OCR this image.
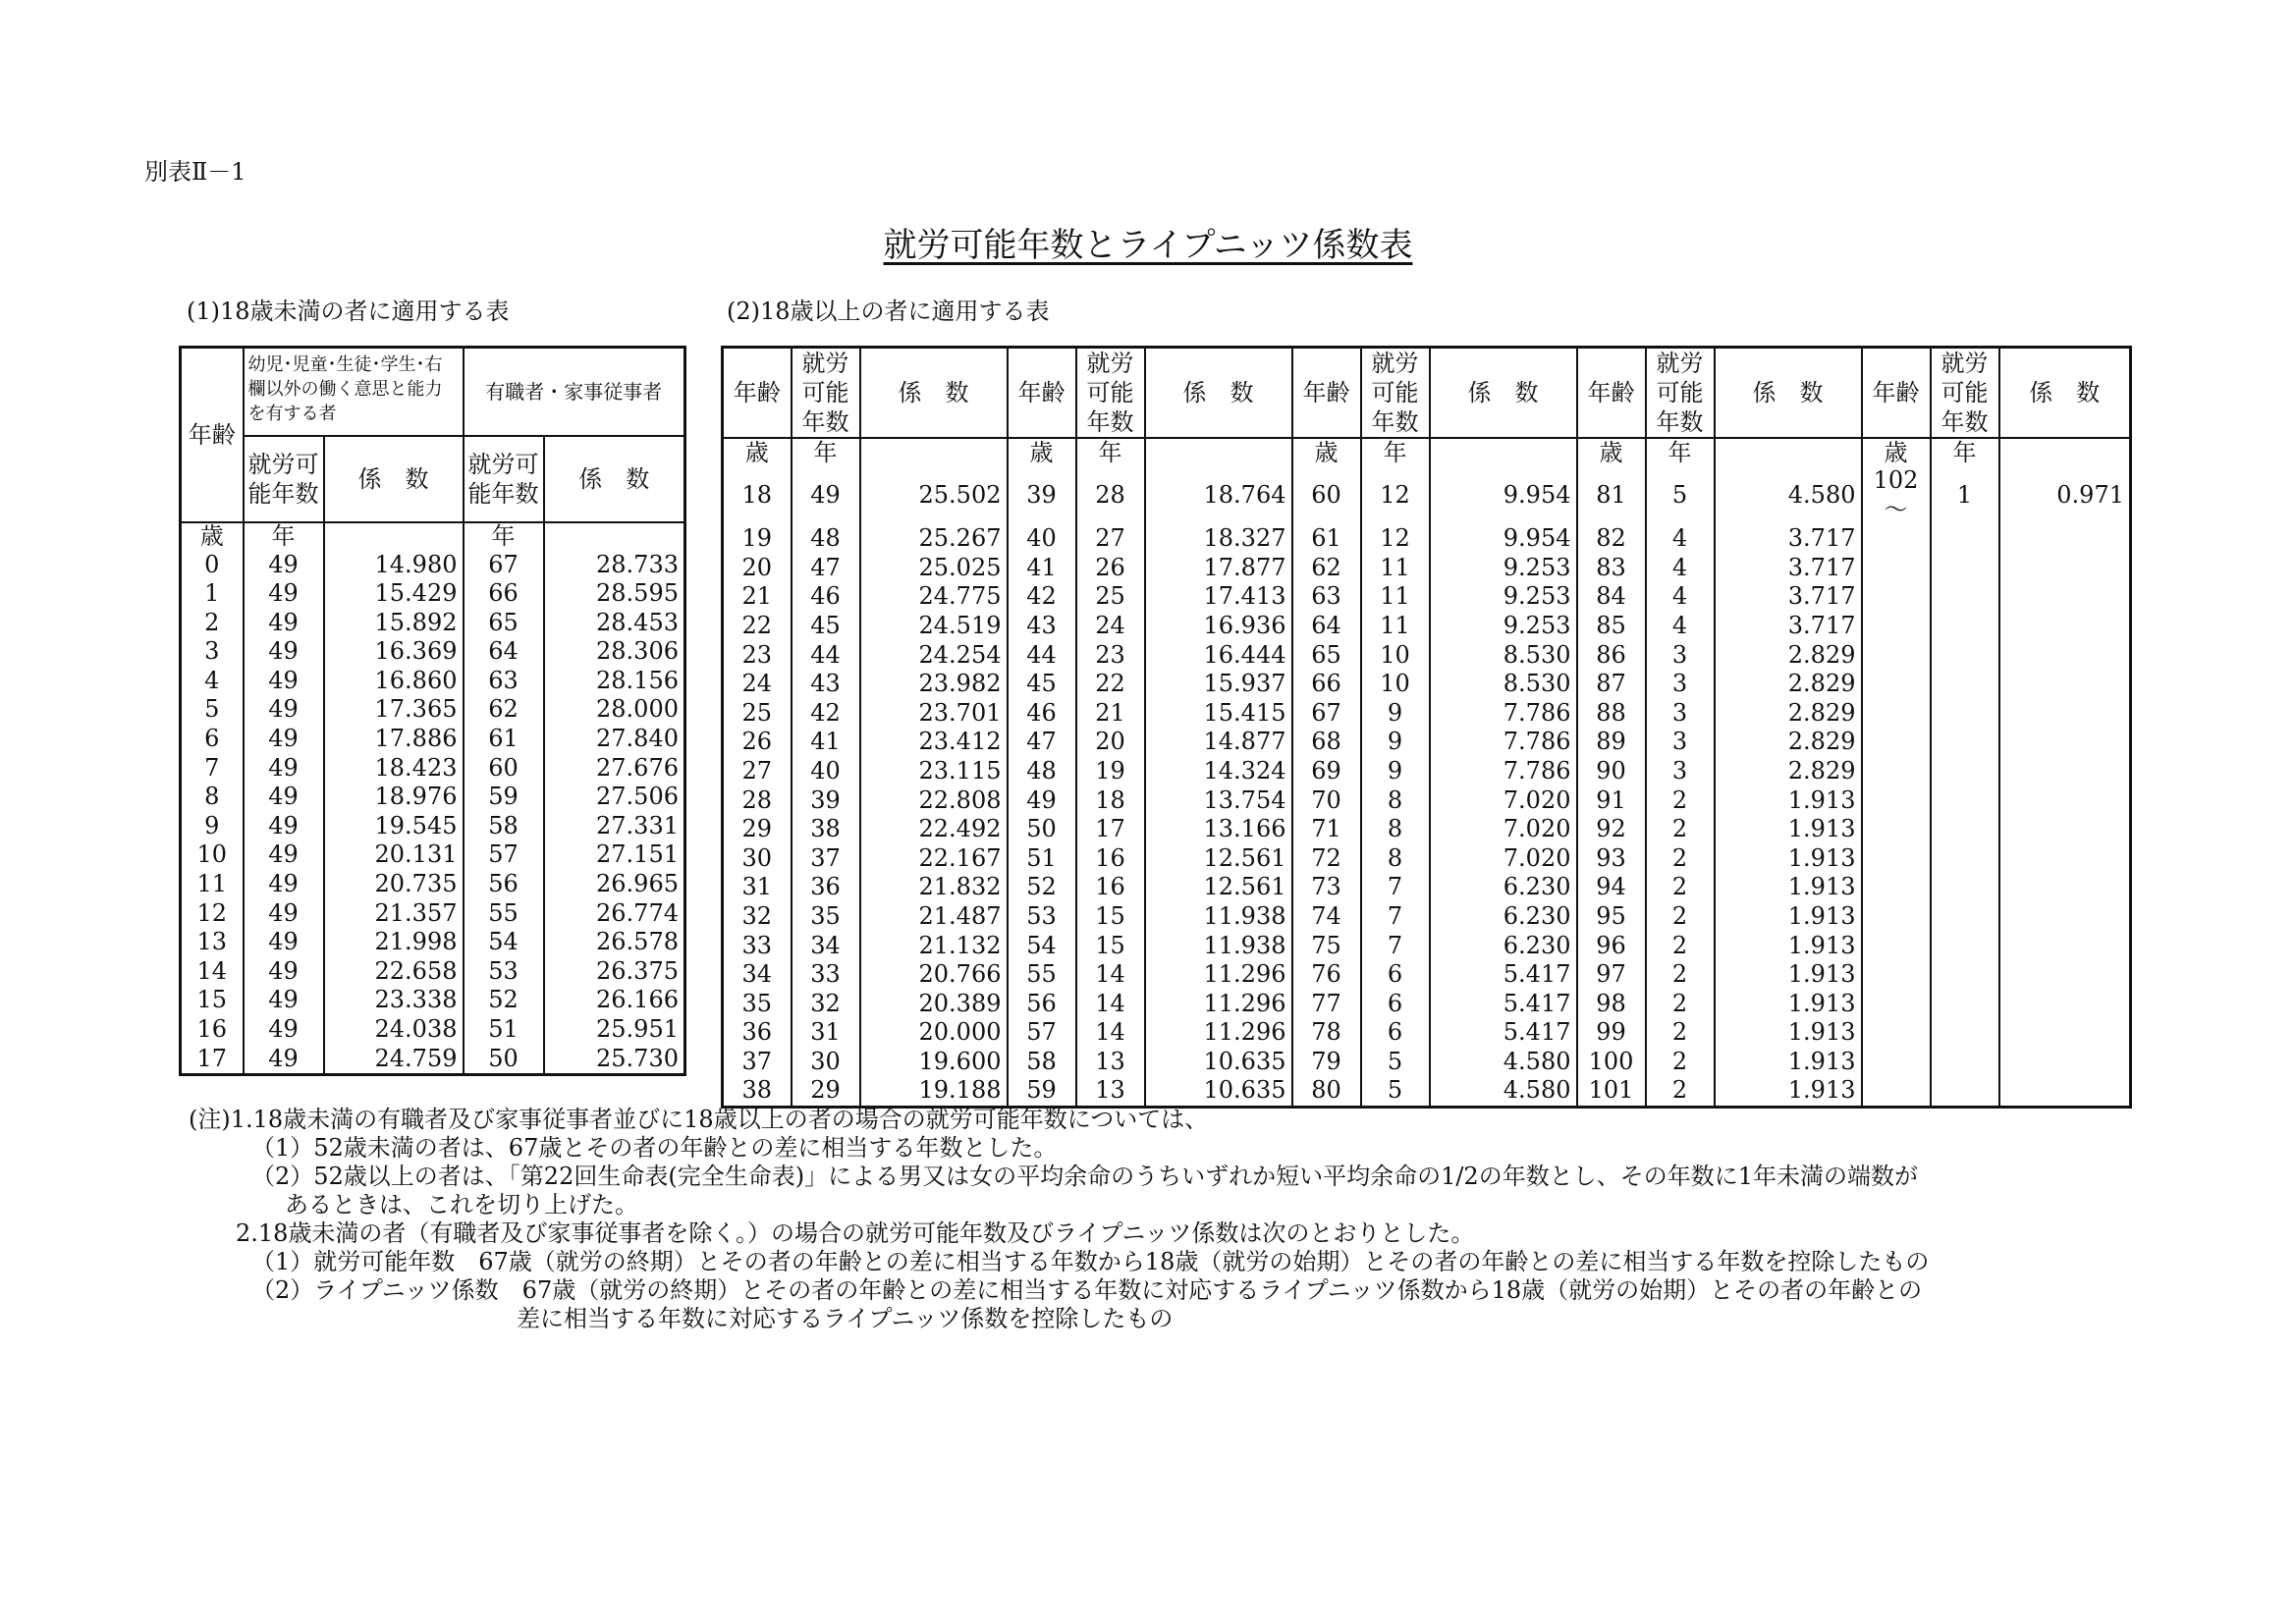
別表Ⅱ－1
就労可能年数とライプニッツ係数表
(1)18歳未満の者に適用する表	(2)18歳以上の者に適用する表
年齢	幼児･児童･生徒･学生･右欄以外の働く意思と能力を有する者		有職者・家事従事者	
	就労可能年数	係　数	就労可能年数	係　数
歳	年		年	
0	49	14.980	67	28.733
1	49	15.429	66	28.595
2	49	15.892	65	28.453
3	49	16.369	64	28.306
4	49	16.860	63	28.156
5	49	17.365	62	28.000
6	49	17.886	61	27.840
7	49	18.423	60	27.676
8	49	18.976	59	27.506
9	49	19.545	58	27.331
10	49	20.131	57	27.151
11	49	20.735	56	26.965
12	49	21.357	55	26.774
13	49	21.998	54	26.578
14	49	22.658	53	26.375
15	49	23.338	52	26.166
16	49	24.038	51	25.951
17	49	24.759	50	25.730
年齢	就労可能年数	係　数	年齢	就労可能年数	係　数	年齢	就労可能年数	係　数	年齢	就労可能年数	係　数	年齢	就労可能年数	係　数
歳	年		歳	年		歳	年		歳	年		歳	年	
18	49	25.502	39	28	18.764	60	12	9.954	81	5	4.580	102～	1	0.971
19	48	25.267	40	27	18.327	61	12	9.954	82	4	3.717			
20	47	25.025	41	26	17.877	62	11	9.253	83	4	3.717			
21	46	24.775	42	25	17.413	63	11	9.253	84	4	3.717			
22	45	24.519	43	24	16.936	64	11	9.253	85	4	3.717			
23	44	24.254	44	23	16.444	65	10	8.530	86	3	2.829			
24	43	23.982	45	22	15.937	66	10	8.530	87	3	2.829			
25	42	23.701	46	21	15.415	67	9	7.786	88	3	2.829			
26	41	23.412	47	20	14.877	68	9	7.786	89	3	2.829			
27	40	23.115	48	19	14.324	69	9	7.786	90	3	2.829			
28	39	22.808	49	18	13.754	70	8	7.020	91	2	1.913			
29	38	22.492	50	17	13.166	71	8	7.020	92	2	1.913			
30	37	22.167	51	16	12.561	72	8	7.020	93	2	1.913			
31	36	21.832	52	16	12.561	73	7	6.230	94	2	1.913			
32	35	21.487	53	15	11.938	74	7	6.230	95	2	1.913			
33	34	21.132	54	15	11.938	75	7	6.230	96	2	1.913			
34	33	20.766	55	14	11.296	76	6	5.417	97	2	1.913			
35	32	20.389	56	14	11.296	77	6	5.417	98	2	1.913			
36	31	20.000	57	14	11.296	78	6	5.417	99	2	1.913			
37	30	19.600	58	13	10.635	79	5	4.580	100	2	1.913			
38	29	19.188	59	13	10.635	80	5	4.580	101	2	1.913			
(注)1.18歳未満の有職者及び家事従事者並びに18歳以上の者の場合の就労可能年数については、
（1）52歳未満の者は、67歳とその者の年齢との差に相当する年数とした。
（2）52歳以上の者は、「第22回生命表(完全生命表)」による男又は女の平均余命のうちいずれか短い平均余命の1/2の年数とし、その年数に1年未満の端数が
あるときは、これを切り上げた。
2.18歳未満の者（有職者及び家事従事者を除く。）の場合の就労可能年数及びライプニッツ係数は次のとおりとした。
（1）就労可能年数　67歳（就労の終期）とその者の年齢との差に相当する年数から18歳（就労の始期）とその者の年齢との差に相当する年数を控除したもの
（2）ライプニッツ係数　67歳（就労の終期）とその者の年齢との差に相当する年数に対応するライプニッツ係数から18歳（就労の始期）とその者の年齢との
差に相当する年数に対応するライプニッツ係数を控除したもの
